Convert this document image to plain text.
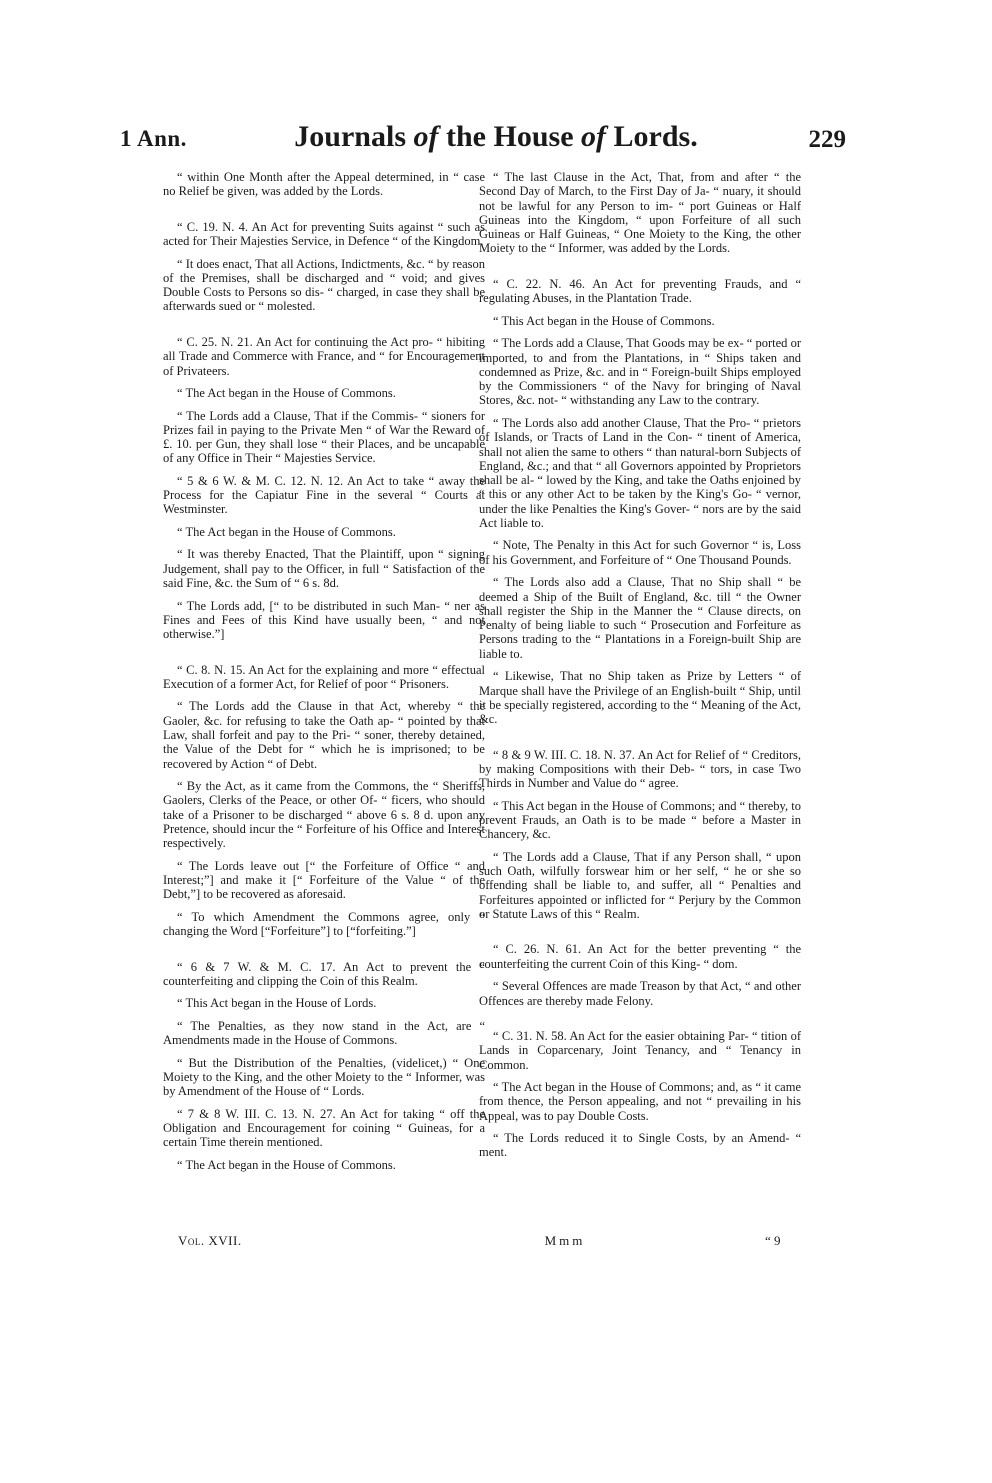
1 Ann.	Journals of the House of Lords.	229

“ within One Month after the Appeal determined, in “ case no Relief be given, was added by the Lords.

“ C. 19. N. 4. An Act for preventing Suits against “ such as acted for Their Majesties Service, in Defence “ of the Kingdom.

“ It does enact, That all Actions, Indictments, &c. “ by reason of the Premises, shall be discharged and “ void; and gives Double Costs to Persons so dis- “ charged, in case they shall be afterwards sued or “ molested.

“ C. 25. N. 21. An Act for continuing the Act pro- “ hibiting all Trade and Commerce with France, and “ for Encouragement of Privateers.

“ The Act began in the House of Commons.

“ The Lords add a Clause, That if the Commis- “ sioners for Prizes fail in paying to the Private Men “ of War the Reward of £. 10. per Gun, they shall lose “ their Places, and be uncapable of any Office in Their “ Majesties Service.

“ 5 & 6 W. & M. C. 12. N. 12. An Act to take “ away the Process for the Capiatur Fine in the several “ Courts at Westminster.

“ The Act began in the House of Commons.

“ It was thereby Enacted, That the Plaintiff, upon “ signing Judgement, shall pay to the Officer, in full “ Satisfaction of the said Fine, &c. the Sum of “ 6 s. 8d.

“ The Lords add, [“ to be distributed in such Man- “ ner as Fines and Fees of this Kind have usually been, “ and not otherwise.”]

“ C. 8. N. 15. An Act for the explaining and more “ effectual Execution of a former Act, for Relief of poor “ Prisoners.

“ The Lords add the Clause in that Act, whereby “ the Gaoler, &c. for refusing to take the Oath ap- “ pointed by that Law, shall forfeit and pay to the Pri- “ soner, thereby detained, the Value of the Debt for “ which he is imprisoned; to be recovered by Action “ of Debt.

“ By the Act, as it came from the Commons, the “ Sheriffs, Gaolers, Clerks of the Peace, or other Of- “ ficers, who should take of a Prisoner to be discharged “ above 6 s. 8 d. upon any Pretence, should incur the “ Forfeiture of his Office and Interest respectively.

“ The Lords leave out [“ the Forfeiture of Office “ and Interest;”] and make it [“ Forfeiture of the Value “ of the Debt,”] to be recovered as aforesaid.

“ To which Amendment the Commons agree, only “ changing the Word [“Forfeiture”] to [“forfeiting.”]

“ 6 & 7 W. & M. C. 17. An Act to prevent the “ counterfeiting and clipping the Coin of this Realm.

“ This Act began in the House of Lords.

“ The Penalties, as they now stand in the Act, are “ Amendments made in the House of Commons.

“ But the Distribution of the Penalties, (videlicet,) “ One Moiety to the King, and the other Moiety to the “ Informer, was by Amendment of the House of “ Lords.

“ 7 & 8 W. III. C. 13. N. 27. An Act for taking “ off the Obligation and Encouragement for coining “ Guineas, for a certain Time therein mentioned.

“ The Act began in the House of Commons.

“ The last Clause in the Act, That, from and after “ the Second Day of March, to the First Day of Ja- “ nuary, it should not be lawful for any Person to im- “ port Guineas or Half Guineas into the Kingdom, “ upon Forfeiture of all such Guineas or Half Guineas, “ One Moiety to the King, the other Moiety to the “ Informer, was added by the Lords.

“ C. 22. N. 46. An Act for preventing Frauds, and “ regulating Abuses, in the Plantation Trade.

“ This Act began in the House of Commons.

“ The Lords add a Clause, That Goods may be ex- “ ported or imported, to and from the Plantations, in “ Ships taken and condemned as Prize, &c. and in “ Foreign-built Ships employed by the Commissioners “ of the Navy for bringing of Naval Stores, &c. not- “ withstanding any Law to the contrary.

“ The Lords also add another Clause, That the Pro- “ prietors of Islands, or Tracts of Land in the Con- “ tinent of America, shall not alien the same to others “ than natural-born Subjects of England, &c.; and that “ all Governors appointed by Proprietors shall be al- “ lowed by the King, and take the Oaths enjoined by “ this or any other Act to be taken by the King's Go- “ vernor, under the like Penalties the King's Gover- “ nors are by the said Act liable to.

“ Note, The Penalty in this Act for such Governor “ is, Loss of his Government, and Forfeiture of “ One Thousand Pounds.

“ The Lords also add a Clause, That no Ship shall “ be deemed a Ship of the Built of England, &c. till “ the Owner shall register the Ship in the Manner the “ Clause directs, on Penalty of being liable to such “ Prosecution and Forfeiture as Persons trading to the “ Plantations in a Foreign-built Ship are liable to.

“ Likewise, That no Ship taken as Prize by Letters “ of Marque shall have the Privilege of an English-built “ Ship, until it be specially registered, according to the “ Meaning of the Act, &c.

“ 8 & 9 W. III. C. 18. N. 37. An Act for Relief of “ Creditors, by making Compositions with their Deb- “ tors, in case Two Thirds in Number and Value do “ agree.

“ This Act began in the House of Commons; and “ thereby, to prevent Frauds, an Oath is to be made “ before a Master in Chancery, &c.

“ The Lords add a Clause, That if any Person shall, “ upon such Oath, wilfully forswear him or her self, “ he or she so offending shall be liable to, and suffer, all “ Penalties and Forfeitures appointed or inflicted for “ Perjury by the Common or Statute Laws of this “ Realm.

“ C. 26. N. 61. An Act for the better preventing “ the counterfeiting the current Coin of this King- “ dom.

“ Several Offences are made Treason by that Act, “ and other Offences are thereby made Felony.

“ C. 31. N. 58. An Act for the easier obtaining Par- “ tition of Lands in Coparcenary, Joint Tenancy, and “ Tenancy in Common.

“ The Act began in the House of Commons; and, as “ it came from thence, the Person appealing, and not “ prevailing in his Appeal, was to pay Double Costs.

“ The Lords reduced it to Single Costs, by an Amend- “ ment.

Vol. XVII.	Mmm	“ 9
